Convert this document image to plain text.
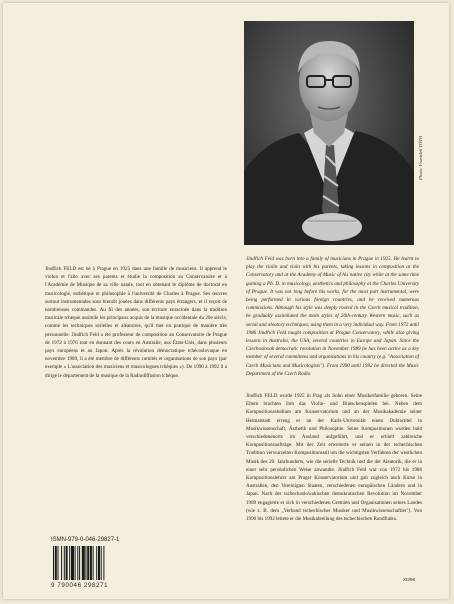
Photo: František TÓTH

Jindřich FELD est né à Prague en 1925 dans une famille de musiciens. Il apprend le violon et l'alto avec ses parents et étudie la composition au Conservatoire et à l'Académie de Musique de sa ville natale, tout en obtenant le diplôme de doctorat en musicologie, esthétique et philosophie à l'université de Charles à Prague. Ses œuvres surtout instrumentales sont bientôt jouées dans différents pays étrangers, et il reçoit de nombreuses commandes. Au fil des années, son écriture enracinée dans la tradition musicale tchèque assimile les principaux acquis de la musique occidentale du 20e siècle, comme les techniques sérielles et aléatoires, qu'il met en pratique de manière très personnelle. Jindřich Feld a été professeur de composition au Conservatoire de Prague de 1972 à 1976 tout en donnant des cours en Australie, aux États-Unis, dans plusieurs pays européens et au Japon. Après la révolution démocratique tchécoslovaque en novembre 1989, il a été membre de différents comités et organisations de son pays (par exemple « L'association des musiciens et musicologues tchèques »). De 1990 à 1992 il a dirigé le département de la musique de la Radiodiffusion tchèque.

Jindřich Feld was born into a family of musicians in Prague in 1925. He learnt to play the violin and viola with his parents, taking lessons in composition at the Conservatory and at the Academy of Music of his native city while at the same time gaining a Ph. D. in musicology, aesthetics and philosophy at the Charles University of Prague. It was not long before his works, for the most part instrumental, were being performed in various foreign countries, and he received numerous commissions. Although his style was deeply rooted in the Czech musical tradition, he gradually assimilated the main styles of 20th-century Western music, such as serial and aleatory techniques, using them in a very individual way. From 1972 until 1986 Jindřich Feld taught composition at Prague Conservatory, while also giving lessons in Australia, the USA, several countries in Europe and Japan. Since the Czechoslovak democratic revolution in November 1989 he has been active as a key member of several committees and organizations in his country (e.g. "Association of Czech Musicians and Musicologists"). From 1990 until 1992 he directed the Music Department of the Czech Radio.

Jindřich FELD wurde 1925 in Prag als Sohn einer Musikerfamilie geboren. Seine Eltern brachten ihm das Violin- und Bratschenspielen bei. Neben dem Kompositionsstudium am Konservatorium und an der Musikakademie seiner Heimatstadt erreng er an der Karls-Universität einen Doktortitel in Musikwissenschaft, Ästhetik und Philosophie. Seine Kompositionen wurden bald verschiedenenorts im Ausland aufgeführt, und er erhielt zahlreiche Kompositionsaufträge. Mit der Zeit erweiterte er seinen in der tschechischen Tradition verwurzelten Kompositionsstil um die wichtigsten Verfahren der westlichen Musik des 20. Jahrhunderts, wie die serielle Technik und die der Aleatorik, die er in einer sehr persönlichen Weise anwandte. Jindřich Feld war von 1972 bis 1986 Kompositionslehrer am Prager Konservatorium und gab zugleich auch Kurse in Australien, den Vereinigten Staaten, verschiedenen europäischen Ländern und in Japan. Nach der tschechoslowakischen demokratischen Revolution im November 1989 engagierte er sich in verschiedenen Gremien und Organisationen seines Landes (wie z. B. dem „Verband tschechischer Musiker und Musikwissenschaftler"). Von 1990 bis 1992 leitete er die Musikabteilung des tschechischen Rundfunks.

ISMN-979-0-046-29827-1
9 790046 298271
XII/98
